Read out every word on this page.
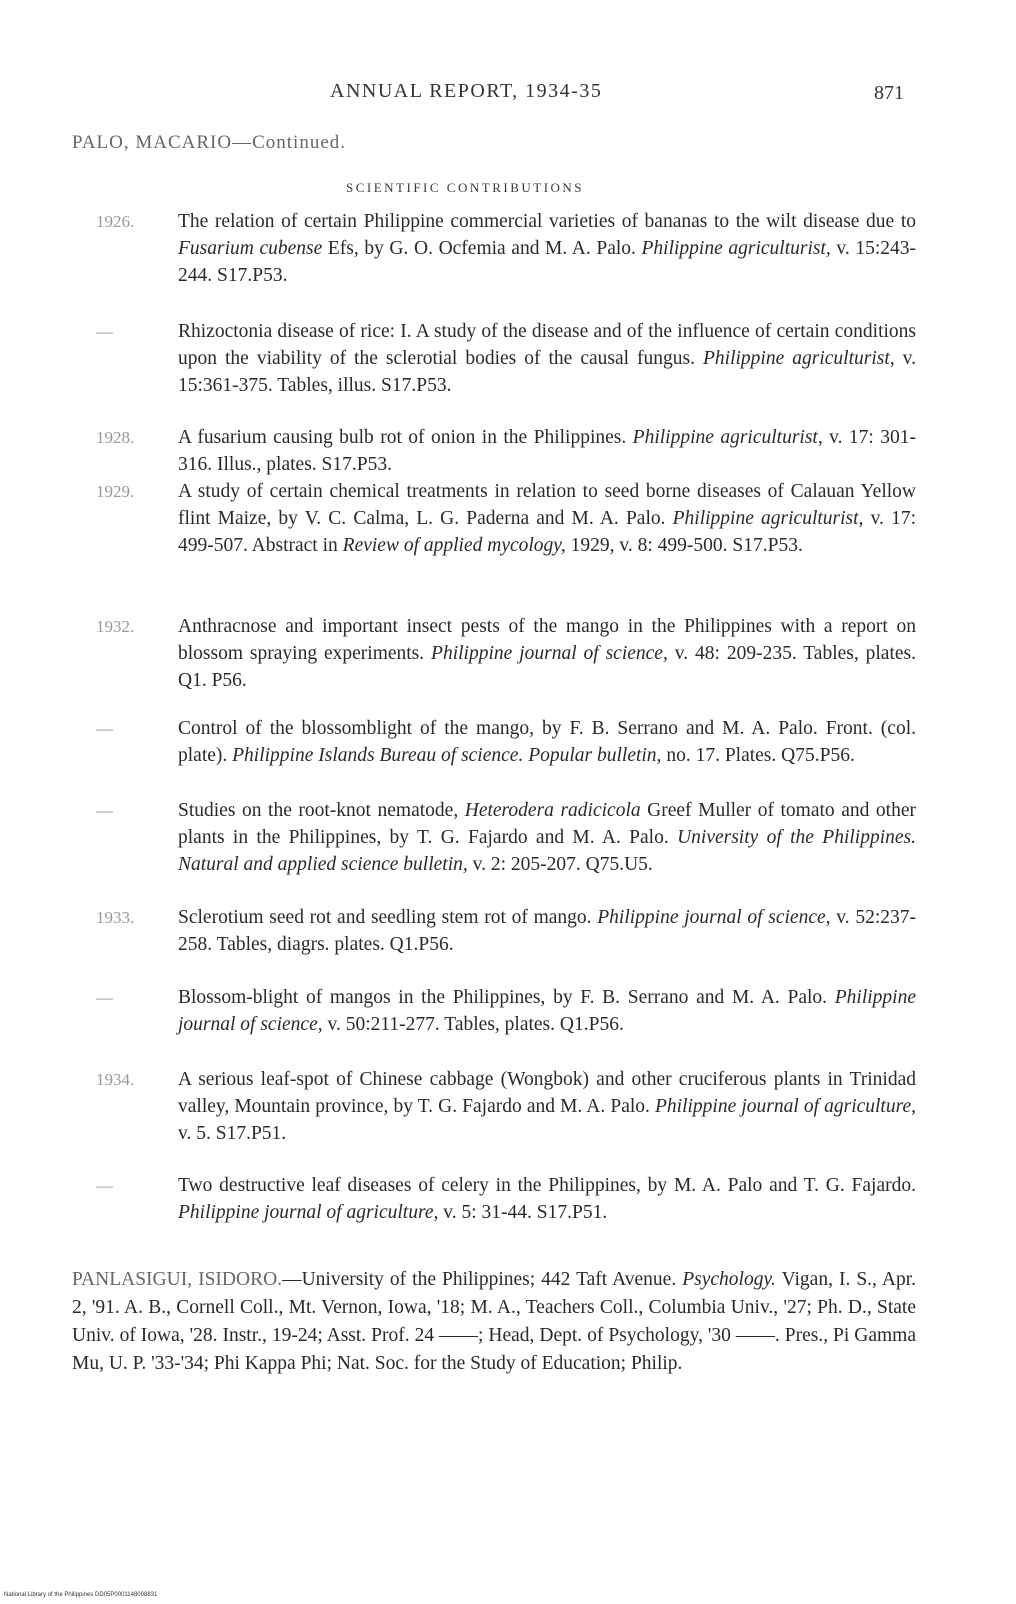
ANNUAL REPORT, 1934-35	871
PALO, MACARIO—Continued.
SCIENTIFIC CONTRIBUTIONS
1926.	The relation of certain Philippine commercial varieties of bananas to the wilt disease due to Fusarium cubense Efs, by G. O. Ocfemia and M. A. Palo. Philippine agriculturist, v. 15:243-244. S17.P53.
—	Rhizoctonia disease of rice: I. A study of the disease and of the influence of certain conditions upon the viability of the sclerotial bodies of the causal fungus. Philippine agriculturist, v. 15:361-375. Tables, illus. S17.P53.
1928.	A fusarium causing bulb rot of onion in the Philippines. Philippine agriculturist, v. 17: 301-316. Illus., plates. S17.P53.
1929.	A study of certain chemical treatments in relation to seed borne diseases of Calauan Yellow flint Maize, by V. C. Calma, L. G. Paderna and M. A. Palo. Philippine agriculturist, v. 17: 499-507. Abstract in Review of applied mycology, 1929, v. 8: 499-500. S17.P53.
1932.	Anthracnose and important insect pests of the mango in the Philippines with a report on blossom spraying experiments. Philippine journal of science, v. 48: 209-235. Tables, plates. Q1. P56.
—	Control of the blossomblight of the mango, by F. B. Serrano and M. A. Palo. Front. (col. plate). Philippine Islands Bureau of science. Popular bulletin, no. 17. Plates. Q75.P56.
—	Studies on the root-knot nematode, Heterodera radicicola Greef Muller of tomato and other plants in the Philippines, by T. G. Fajardo and M. A. Palo. University of the Philippines. Natural and applied science bulletin, v. 2: 205-207. Q75.U5.
1933.	Sclerotium seed rot and seedling stem rot of mango. Philippine journal of science, v. 52:237-258. Tables, diagrs. plates. Q1.P56.
—	Blossom-blight of mangos in the Philippines, by F. B. Serrano and M. A. Palo. Philippine journal of science, v. 50:211-277. Tables, plates. Q1.P56.
1934.	A serious leaf-spot of Chinese cabbage (Wongbok) and other cruciferous plants in Trinidad valley, Mountain province, by T. G. Fajardo and M. A. Palo. Philippine journal of agriculture, v. 5. S17.P51.
—	Two destructive leaf diseases of celery in the Philippines, by M. A. Palo and T. G. Fajardo. Philippine journal of agriculture, v. 5: 31-44. S17.P51.
PANLASIGUI, ISIDORO.—University of the Philippines; 442 Taft Avenue. Psychology. Vigan, I. S., Apr. 2, '91. A. B., Cornell Coll., Mt. Vernon, Iowa, '18; M. A., Teachers Coll., Columbia Univ., '27; Ph. D., State Univ. of Iowa, '28. Instr., 19-24; Asst. Prof. 24 ——; Head, Dept. of Psychology, '30 ——. Pres., Pi Gamma Mu, U. P. '33-'34; Phi Kappa Phi; Nat. Soc. for the Study of Education; Philip.
National Library of the Philippines DD05P0001148008831
